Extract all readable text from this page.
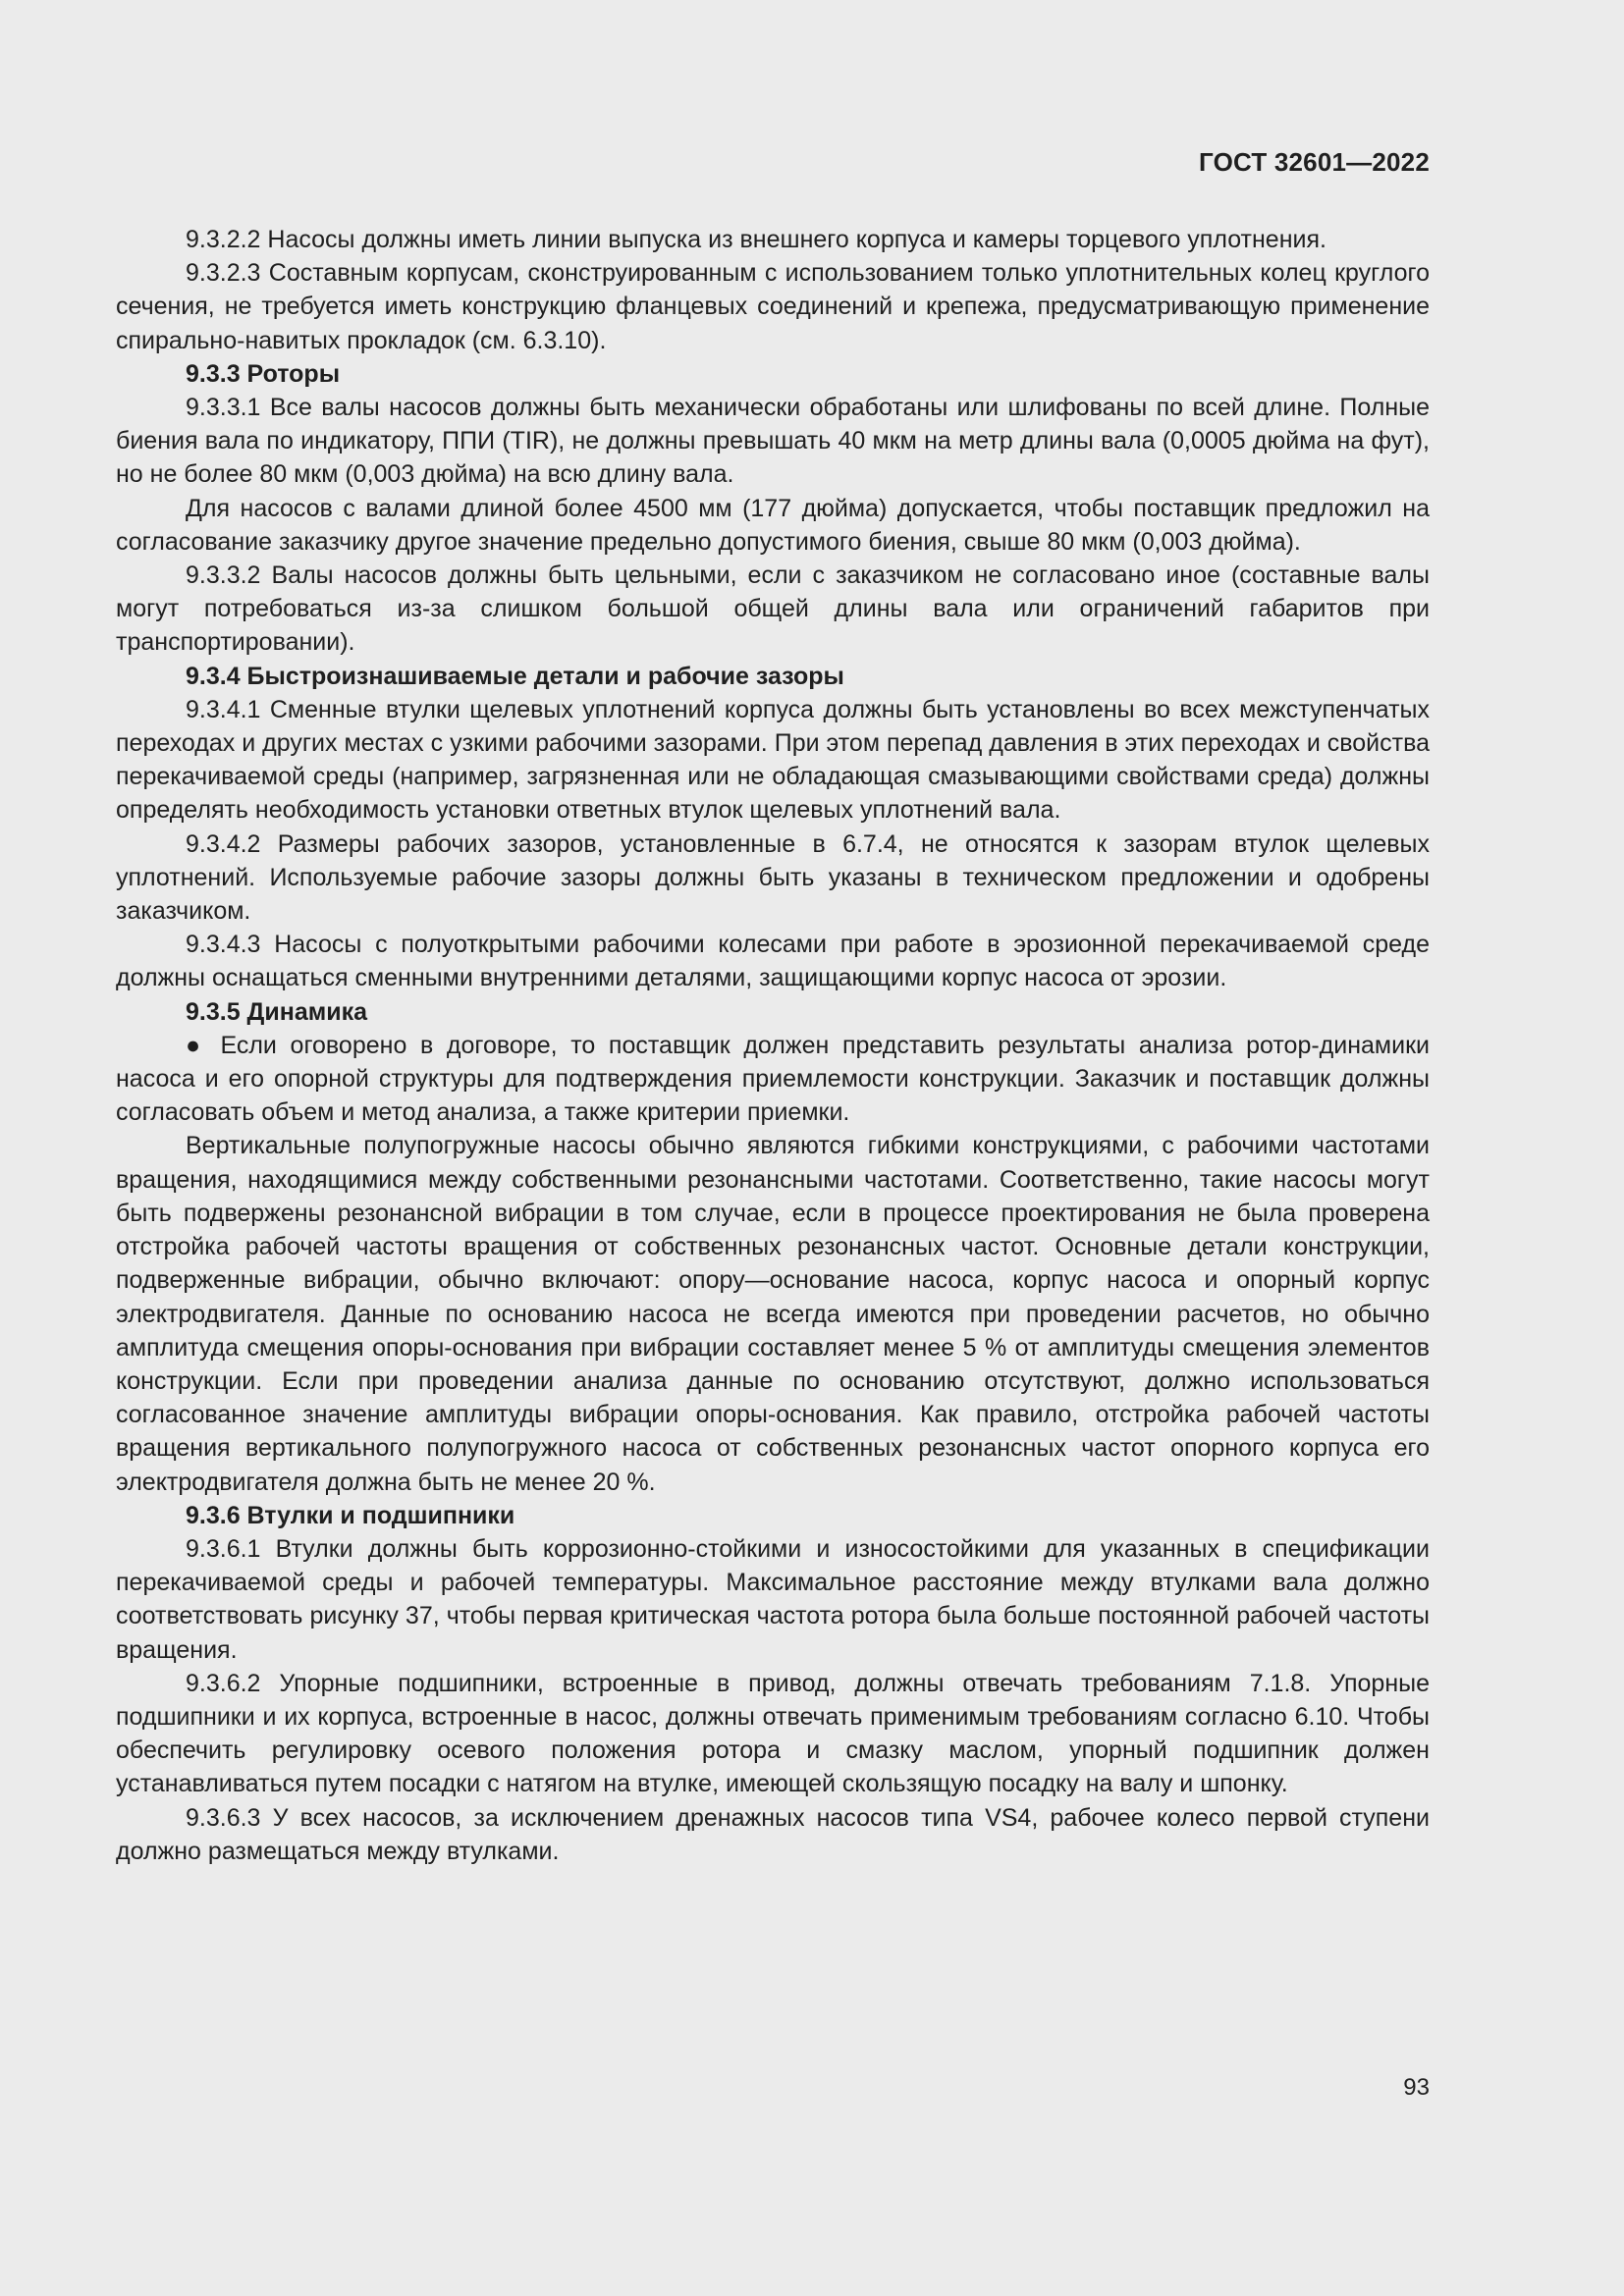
ГОСТ 32601—2022

9.3.2.2 Насосы должны иметь линии выпуска из внешнего корпуса и камеры торцевого уплотнения.

9.3.2.3 Составным корпусам, сконструированным с использованием только уплотнительных колец круглого сечения, не требуется иметь конструкцию фланцевых соединений и крепежа, предусматривающую применение спирально-навитых прокладок (см. 6.3.10).

9.3.3 Роторы

9.3.3.1 Все валы насосов должны быть механически обработаны или шлифованы по всей длине. Полные биения вала по индикатору, ППИ (TIR), не должны превышать 40 мкм на метр длины вала (0,0005 дюйма на фут), но не более 80 мкм (0,003 дюйма) на всю длину вала.

Для насосов с валами длиной более 4500 мм (177 дюйма) допускается, чтобы поставщик предложил на согласование заказчику другое значение предельно допустимого биения, свыше 80 мкм (0,003 дюйма).

9.3.3.2 Валы насосов должны быть цельными, если с заказчиком не согласовано иное (составные валы могут потребоваться из-за слишком большой общей длины вала или ограничений габаритов при транспортировании).

9.3.4 Быстроизнашиваемые детали и рабочие зазоры

9.3.4.1 Сменные втулки щелевых уплотнений корпуса должны быть установлены во всех межступенчатых переходах и других местах с узкими рабочими зазорами. При этом перепад давления в этих переходах и свойства перекачиваемой среды (например, загрязненная или не обладающая смазывающими свойствами среда) должны определять необходимость установки ответных втулок щелевых уплотнений вала.

9.3.4.2 Размеры рабочих зазоров, установленные в 6.7.4, не относятся к зазорам втулок щелевых уплотнений. Используемые рабочие зазоры должны быть указаны в техническом предложении и одобрены заказчиком.

9.3.4.3 Насосы с полуоткрытыми рабочими колесами при работе в эрозионной перекачиваемой среде должны оснащаться сменными внутренними деталями, защищающими корпус насоса от эрозии.

9.3.5 Динамика

● Если оговорено в договоре, то поставщик должен представить результаты анализа ротор-динамики насоса и его опорной структуры для подтверждения приемлемости конструкции. Заказчик и поставщик должны согласовать объем и метод анализа, а также критерии приемки.

Вертикальные полупогружные насосы обычно являются гибкими конструкциями, с рабочими частотами вращения, находящимися между собственными резонансными частотами. Соответственно, такие насосы могут быть подвержены резонансной вибрации в том случае, если в процессе проектирования не была проверена отстройка рабочей частоты вращения от собственных резонансных частот. Основные детали конструкции, подверженные вибрации, обычно включают: опору—основание насоса, корпус насоса и опорный корпус электродвигателя. Данные по основанию насоса не всегда имеются при проведении расчетов, но обычно амплитуда смещения опоры-основания при вибрации составляет менее 5 % от амплитуды смещения элементов конструкции. Если при проведении анализа данные по основанию отсутствуют, должно использоваться согласованное значение амплитуды вибрации опоры-основания. Как правило, отстройка рабочей частоты вращения вертикального полупогружного насоса от собственных резонансных частот опорного корпуса его электродвигателя должна быть не менее 20 %.

9.3.6 Втулки и подшипники

9.3.6.1 Втулки должны быть коррозионно-стойкими и износостойкими для указанных в спецификации перекачиваемой среды и рабочей температуры. Максимальное расстояние между втулками вала должно соответствовать рисунку 37, чтобы первая критическая частота ротора была больше постоянной рабочей частоты вращения.

9.3.6.2 Упорные подшипники, встроенные в привод, должны отвечать требованиям 7.1.8. Упорные подшипники и их корпуса, встроенные в насос, должны отвечать применимым требованиям согласно 6.10. Чтобы обеспечить регулировку осевого положения ротора и смазку маслом, упорный подшипник должен устанавливаться путем посадки с натягом на втулке, имеющей скользящую посадку на валу и шпонку.

9.3.6.3 У всех насосов, за исключением дренажных насосов типа VS4, рабочее колесо первой ступени должно размещаться между втулками.

93
